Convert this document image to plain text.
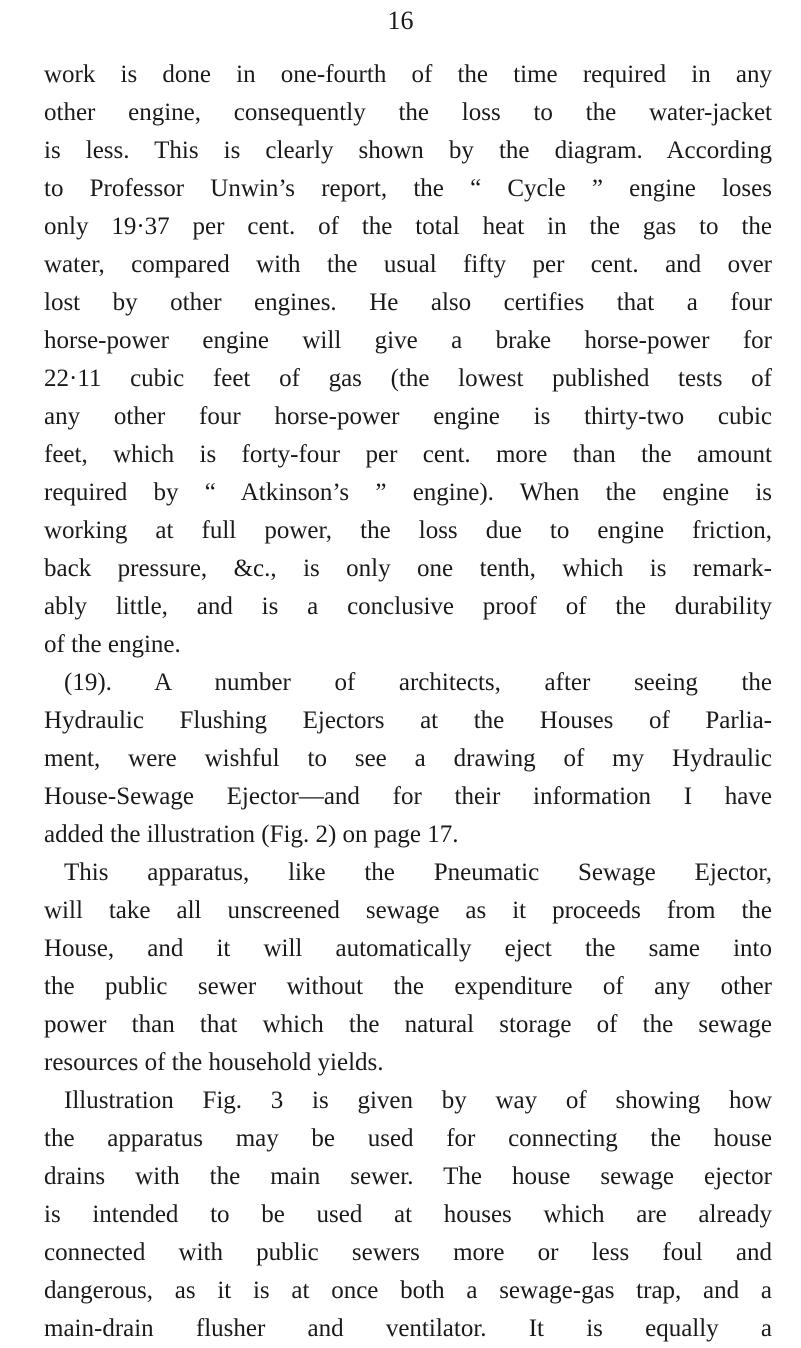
16
work is done in one-fourth of the time required in any
other engine, consequently the loss to the water-jacket
is less. This is clearly shown by the diagram. According
to Professor Unwin’s report, the “ Cycle ” engine loses
only 19·37 per cent. of the total heat in the gas to the
water, compared with the usual fifty per cent. and over
lost by other engines. He also certifies that a four
horse-power engine will give a brake horse-power for
22·11 cubic feet of gas (the lowest published tests of
any other four horse-power engine is thirty-two cubic
feet, which is forty-four per cent. more than the amount
required by “ Atkinson’s ” engine). When the engine is
working at full power, the loss due to engine friction,
back pressure, &c., is only one tenth, which is remark-
ably little, and is a conclusive proof of the durability
of the engine.
(19). A number of architects, after seeing the
Hydraulic Flushing Ejectors at the Houses of Parlia-
ment, were wishful to see a drawing of my Hydraulic
House-Sewage Ejector—and for their information I have
added the illustration (Fig. 2) on page 17.
This apparatus, like the Pneumatic Sewage Ejector,
will take all unscreened sewage as it proceeds from the
House, and it will automatically eject the same into
the public sewer without the expenditure of any other
power than that which the natural storage of the sewage
resources of the household yields.
Illustration Fig. 3 is given by way of showing how
the apparatus may be used for connecting the house
drains with the main sewer. The house sewage ejector
is intended to be used at houses which are already
connected with public sewers more or less foul and
dangerous, as it is at once both a sewage-gas trap, and a
main-drain flusher and ventilator. It is equally a
